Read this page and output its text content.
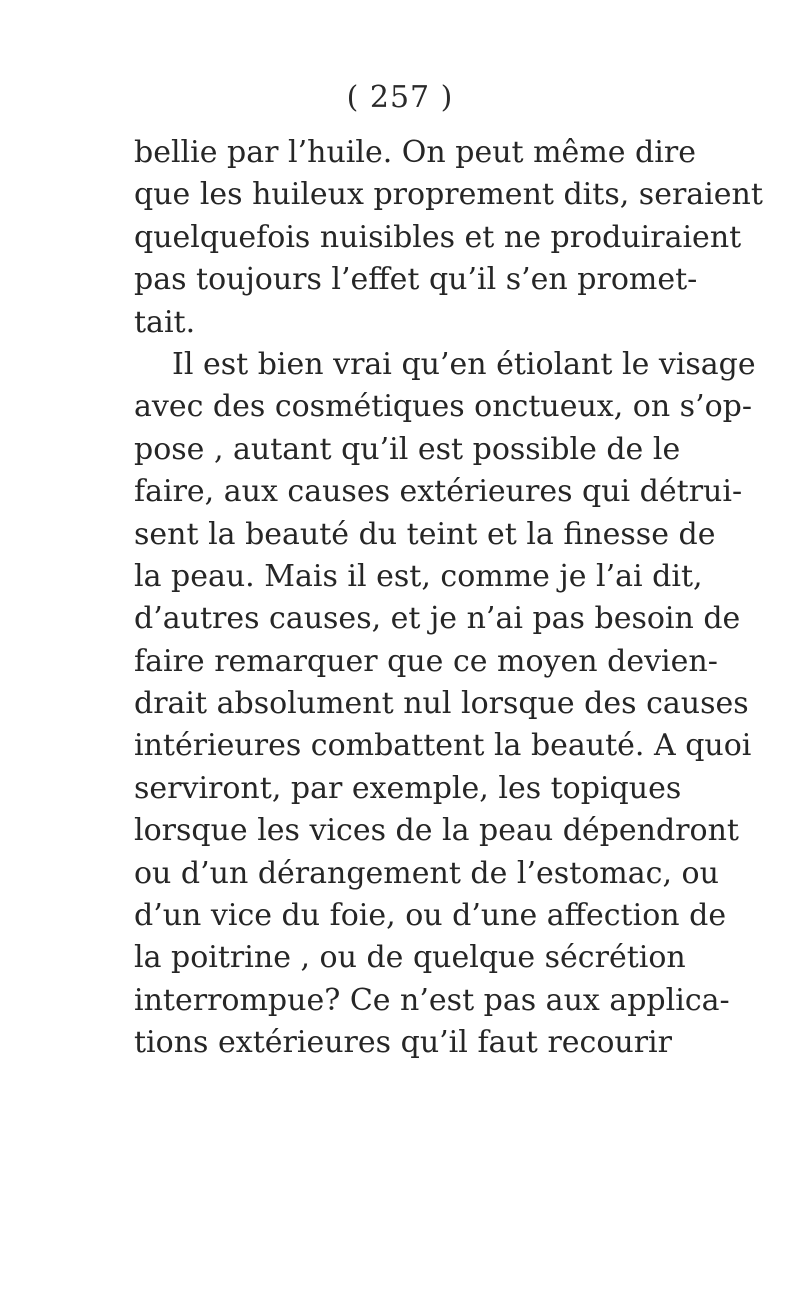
( 257 )
bellie par l’huile. On peut même dire
que les huileux proprement dits, seraient
quelquefois nuisibles et ne produiraient
pas toujours l’effet qu’il s’en promet-
tait.
Il est bien vrai qu’en étiolant le visage
avec des cosmétiques onctueux, on s’op-
pose , autant qu’il est possible de le
faire, aux causes extérieures qui détrui-
sent la beauté du teint et la finesse de
la peau. Mais il est, comme je l’ai dit,
d’autres causes, et je n’ai pas besoin de
faire remarquer que ce moyen devien-
drait absolument nul lorsque des causes
intérieures combattent la beauté. A quoi
serviront, par exemple, les topiques
lorsque les vices de la peau dépendront
ou d’un dérangement de l’estomac, ou
d’un vice du foie, ou d’une affection de
la poitrine , ou de quelque sécrétion
interrompue? Ce n’est pas aux applica-
tions extérieures qu’il faut recourir
